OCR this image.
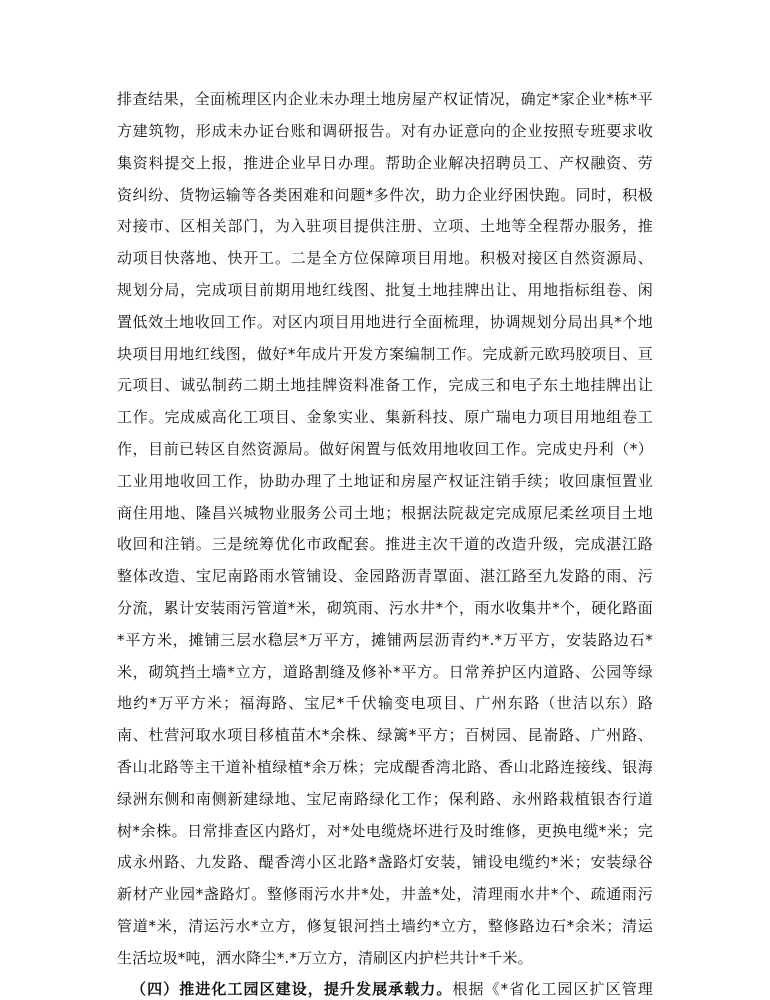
排查结果，全面梳理区内企业未办理土地房屋产权证情况，确定*家企业*栋*平
方建筑物，形成未办证台账和调研报告。对有办证意向的企业按照专班要求收
集资料提交上报，推进企业早日办理。帮助企业解决招聘员工、产权融资、劳
资纠纷、货物运输等各类困难和问题*多件次，助力企业纾困快跑。同时，积极
对接市、区相关部门，为入驻项目提供注册、立项、土地等全程帮办服务，推
动项目快落地、快开工。二是全方位保障项目用地。积极对接区自然资源局、
规划分局，完成项目前期用地红线图、批复土地挂牌出让、用地指标组卷、闲
置低效土地收回工作。对区内项目用地进行全面梳理，协调规划分局出具*个地
块项目用地红线图，做好*年成片开发方案编制工作。完成新元欧玛胶项目、亘
元项目、诚弘制药二期土地挂牌资料准备工作，完成三和电子东土地挂牌出让
工作。完成威高化工项目、金象实业、集新科技、原广瑞电力项目用地组卷工
作，目前已转区自然资源局。做好闲置与低效用地收回工作。完成史丹利（*）
工业用地收回工作，协助办理了土地证和房屋产权证注销手续；收回康恒置业
商住用地、隆昌兴城物业服务公司土地；根据法院裁定完成原尼柔丝项目土地
收回和注销。三是统筹优化市政配套。推进主次干道的改造升级，完成湛江路
整体改造、宝尼南路雨水管铺设、金园路沥青罩面、湛江路至九发路的雨、污
分流，累计安装雨污管道*米，砌筑雨、污水井*个，雨水收集井*个，硬化路面
*平方米，摊铺三层水稳层*万平方，摊铺两层沥青约*.*万平方，安装路边石*
米，砌筑挡土墙*立方，道路割缝及修补*平方。日常养护区内道路、公园等绿
地约*万平方米；福海路、宝尼*千伏输变电项目、广州东路（世洁以东）路
南、杜营河取水项目移植苗木*余株、绿篱*平方；百树园、昆嵛路、广州路、
香山北路等主干道补植绿植*余万株；完成醍香湾北路、香山北路连接线、银海
绿洲东侧和南侧新建绿地、宝尼南路绿化工作；保利路、永州路栽植银杏行道
树*余株。日常排查区内路灯，对*处电缆烧坏进行及时维修，更换电缆*米；完
成永州路、九发路、醍香湾小区北路*盏路灯安装，铺设电缆约*米；安装绿谷
新材产业园*盏路灯。整修雨污水井*处，井盖*处，清理雨水井*个、疏通雨污
管道*米，清运污水*立方，修复银河挡土墙约*立方，整修路边石*余米；清运
生活垃圾*吨，洒水降尘*.*万立方，清刷区内护栏共计*千米。
（四）推进化工园区建设，提升发展承载力。根据《*省化工园区扩区管理
